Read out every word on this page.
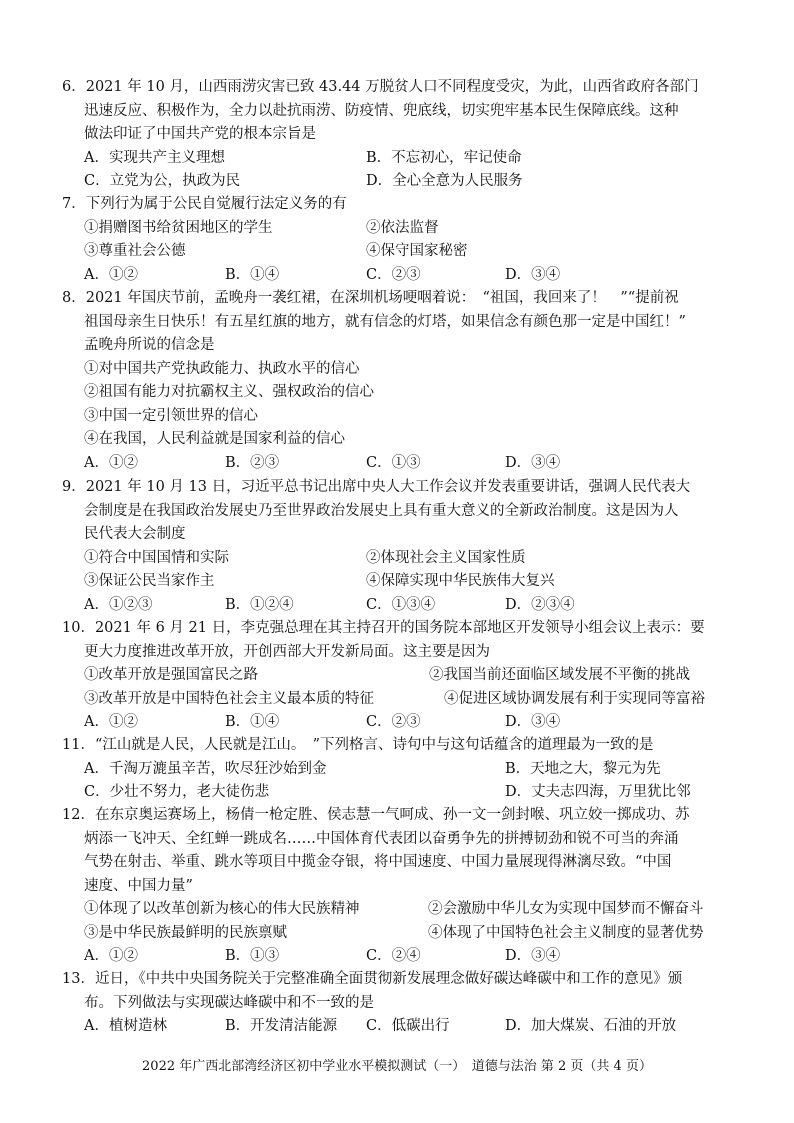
6．2021 年 10 月，山西雨涝灾害已致 43.44 万脱贫人口不同程度受灾，为此，山西省政府各部门
迅速反应、积极作为，全力以赴抗雨涝、防疫情、兜底线，切实兜牢基本民生保障底线。这种
做法印证了中国共产党的根本宗旨是
A．实现共产主义理想	B．不忘初心，牢记使命
C．立党为公，执政为民	D．全心全意为人民服务
7．下列行为属于公民自觉履行法定义务的有
①捐赠图书给贫困地区的学生	②依法监督
③尊重社会公德	④保守国家秘密
A．①②	B．①④	C．②③	D．③④
8．2021 年国庆节前，孟晚舟一袭红裙，在深圳机场哽咽着说：　“祖国，我回来了！　”“提前祝
祖国母亲生日快乐！有五星红旗的地方，就有信念的灯塔，如果信念有颜色那一定是中国红！”
孟晚舟所说的信念是
①对中国共产党执政能力、执政水平的信心
②祖国有能力对抗霸权主义、强权政治的信心
③中国一定引领世界的信心
④在我国，人民利益就是国家利益的信心
A．①②	B．②③	C．①③	D．③④
9．2021 年 10 月 13 日，习近平总书记出席中央人大工作会议并发表重要讲话，强调人民代表大
会制度是在我国政治发展史乃至世界政治发展史上具有重大意义的全新政治制度。这是因为人
民代表大会制度
①符合中国国情和实际	②体现社会主义国家性质
③保证公民当家作主	④保障实现中华民族伟大复兴
A．①②③	B．①②④	C．①③④	D．②③④
10．2021 年 6 月 21 日，李克强总理在其主持召开的国务院本部地区开发领导小组会议上表示：要
更大力度推进改革开放，开创西部大开发新局面。这主要是因为
①改革开放是强国富民之路	②我国当前还面临区域发展不平衡的挑战
③改革开放是中国特色社会主义最本质的特征	④促进区域协调发展有利于实现同等富裕
A．①②	B．①④	C．②③	D．③④
11．“江山就是人民，人民就是江山。　”下列格言、诗句中与这句话蕴含的道理最为一致的是
A．千淘万漉虽辛苦，吹尽狂沙始到金	B．天地之大，黎元为先
C．少壮不努力，老大徒伤悲	D．丈夫志四海，万里犹比邻
12．在东京奥运赛场上，杨倩一枪定胜、侯志慧一气呵成、孙一文一剑封喉、巩立姣一掷成功、苏
炳添一飞冲天、全红蝉一跳成名……中国体育代表团以奋勇争先的拼搏韧劲和锐不可当的奔涌
气势在射击、举重、跳水等项目中揽金夺银，将中国速度、中国力量展现得淋漓尽致。“中国
速度、中国力量”
①体现了以改革创新为核心的伟大民族精神	②会激励中华儿女为实现中国梦而不懈奋斗
③是中华民族最鲜明的民族禀赋	④体现了中国特色社会主义制度的显著优势
A．①②	B．①③	C．②④	D．③④
13．近日，《中共中央国务院关于完整准确全面贯彻新发展理念做好碳达峰碳中和工作的意见》颁
布。下列做法与实现碳达峰碳中和不一致的是
A．植树造林	B．开发清洁能源 C．低碳出行	D．加大煤炭、石油的开放
2022 年广西北部湾经济区初中学业水平模拟测试（一）　道德与法治 第 2 页（共 4 页）
